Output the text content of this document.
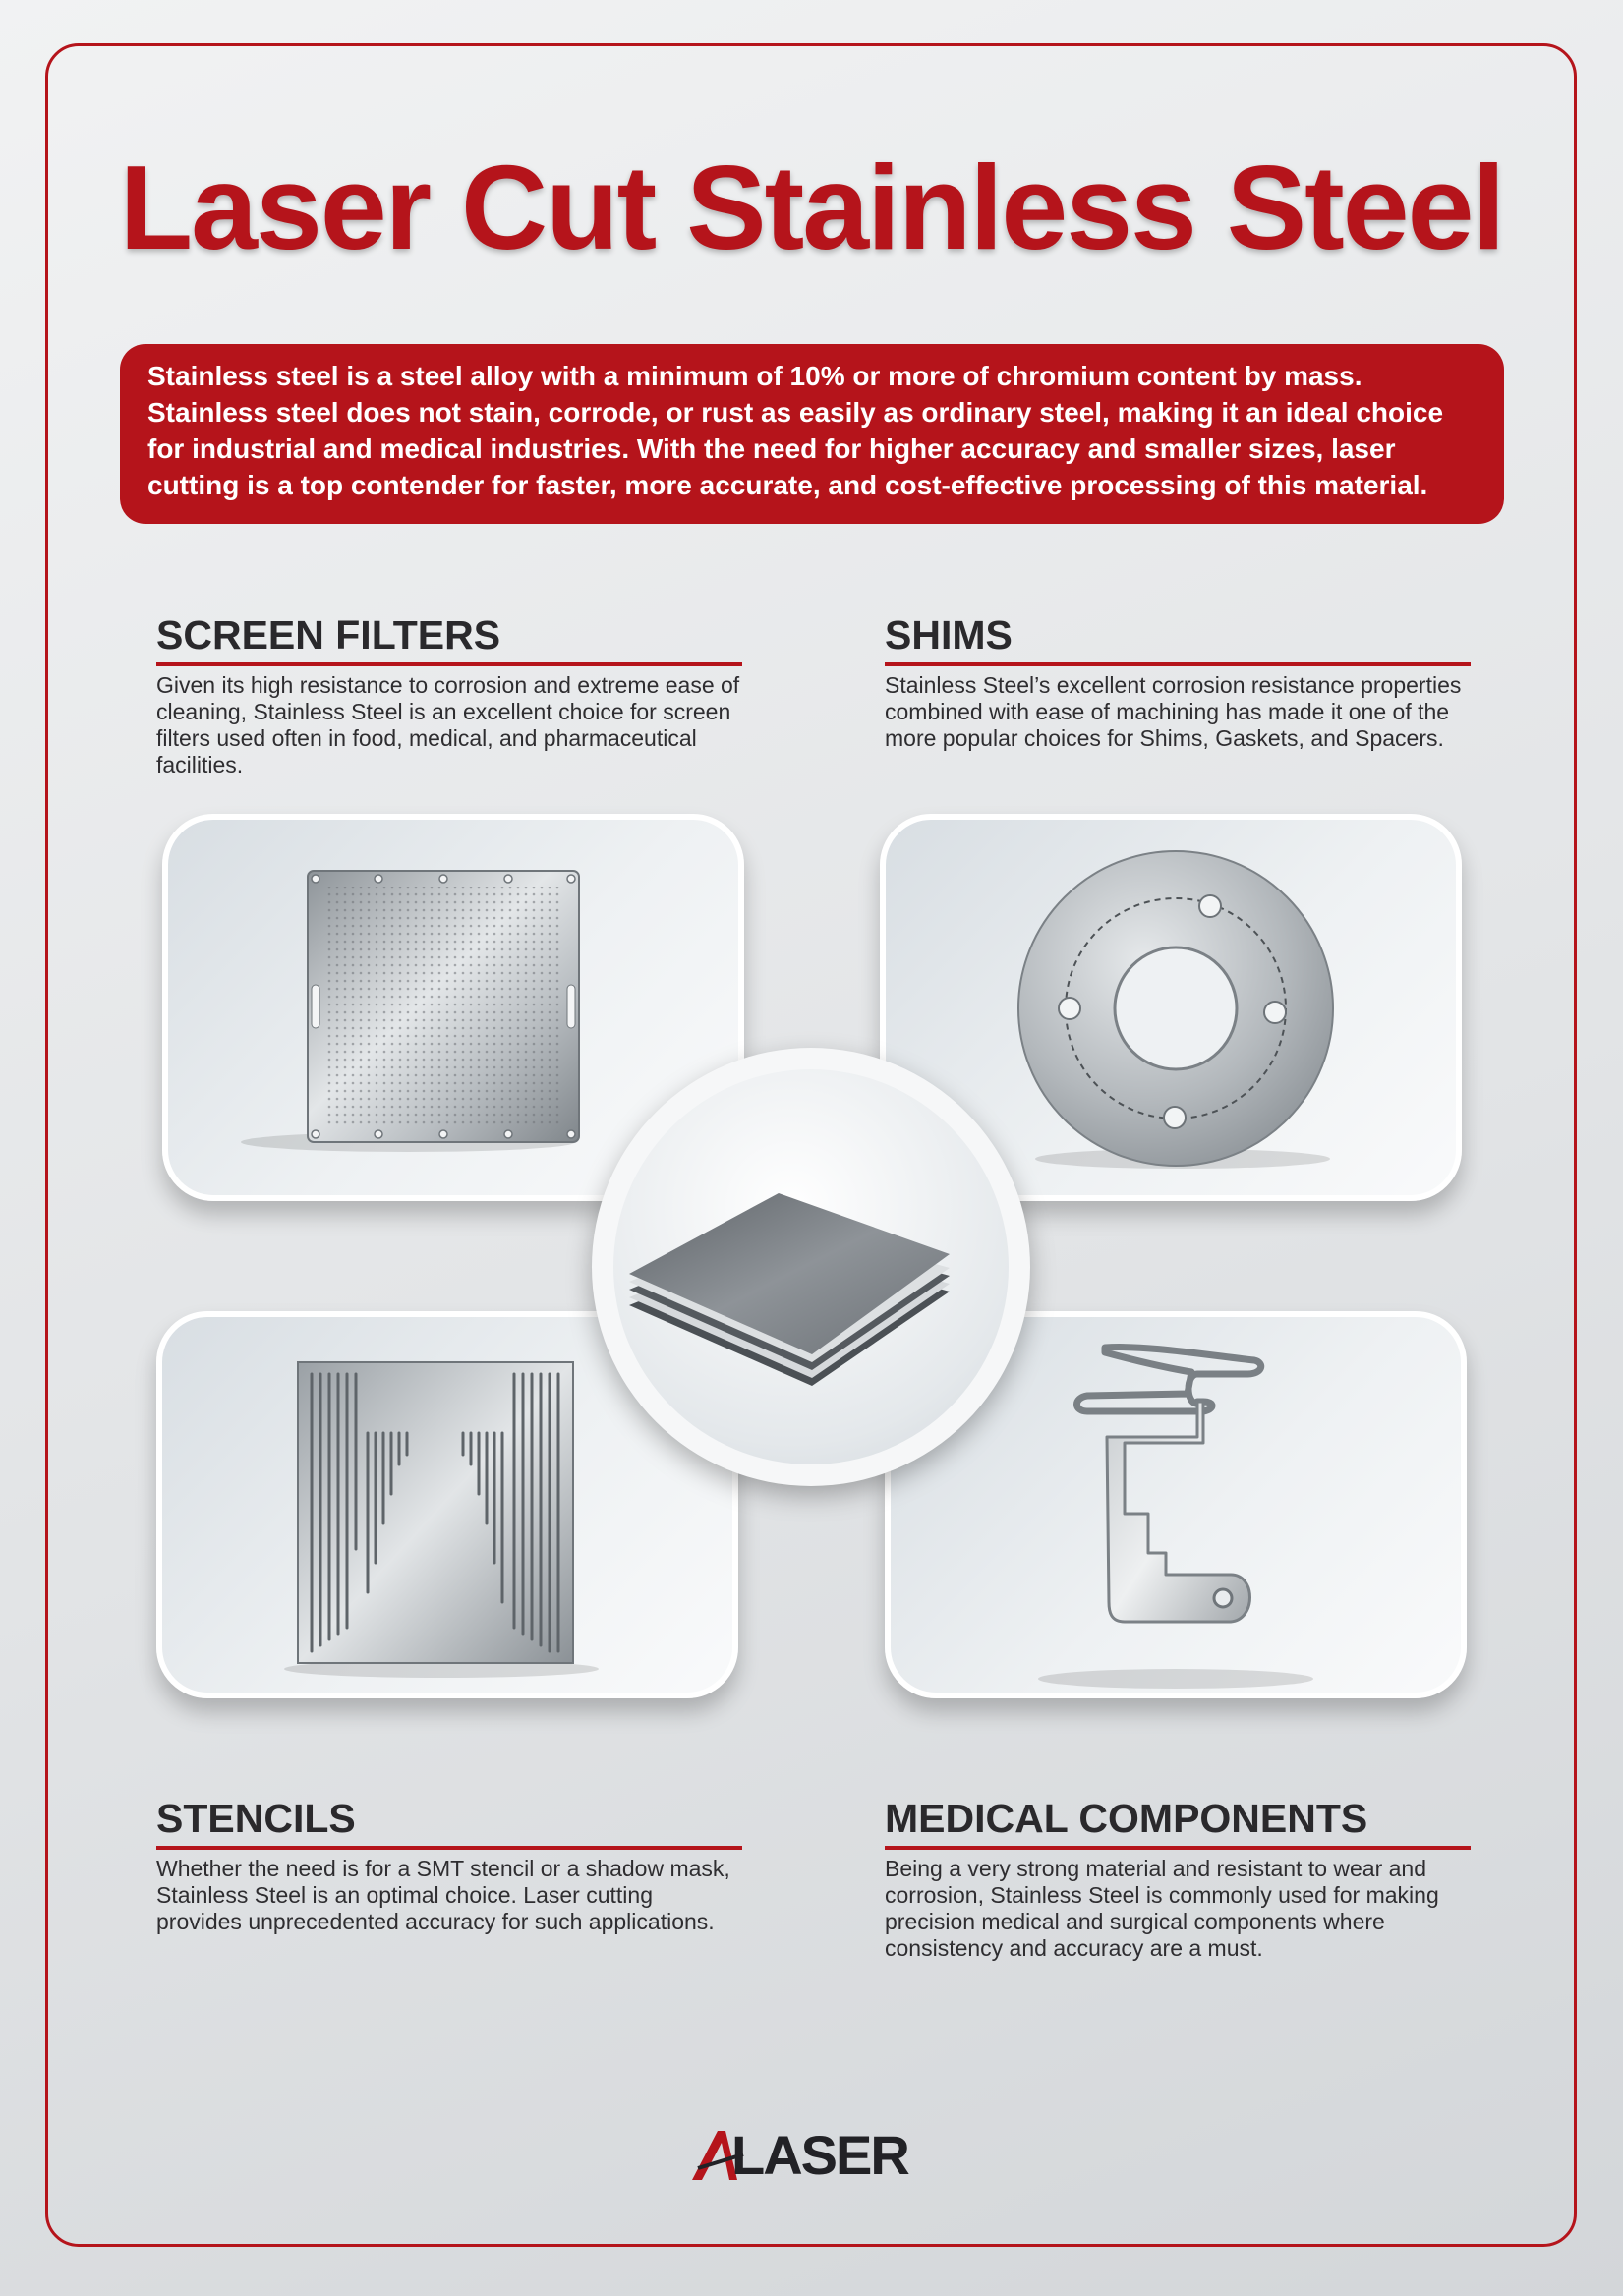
Laser Cut Stainless Steel
Stainless steel is a steel alloy with a minimum of 10% or more of chromium content by mass. Stainless steel does not stain, corrode, or rust as easily as ordinary steel, making it an ideal choice for industrial and medical industries. With the need for higher accuracy and smaller sizes, laser cutting is a top contender for faster, more accurate, and cost-effective processing of this material.
SCREEN FILTERS

Given its high resistance to corrosion and extreme ease of cleaning, Stainless Steel is an excellent choice for screen filters used often in food, medical, and pharmaceutical facilities.

SHIMS

Stainless Steel’s excellent corrosion resistance properties combined with ease of machining has made it one of the more popular choices for Shims, Gaskets, and Spacers.

STENCILS

Whether the need is for a SMT stencil or a shadow mask, Stainless Steel is an optimal choice. Laser cutting provides unprecedented accuracy for such applications.

MEDICAL COMPONENTS

Being a very strong material and resistant to wear and corrosion, Stainless Steel is commonly used for making precision medical and surgical components where consistency and accuracy are a must.

LASER
